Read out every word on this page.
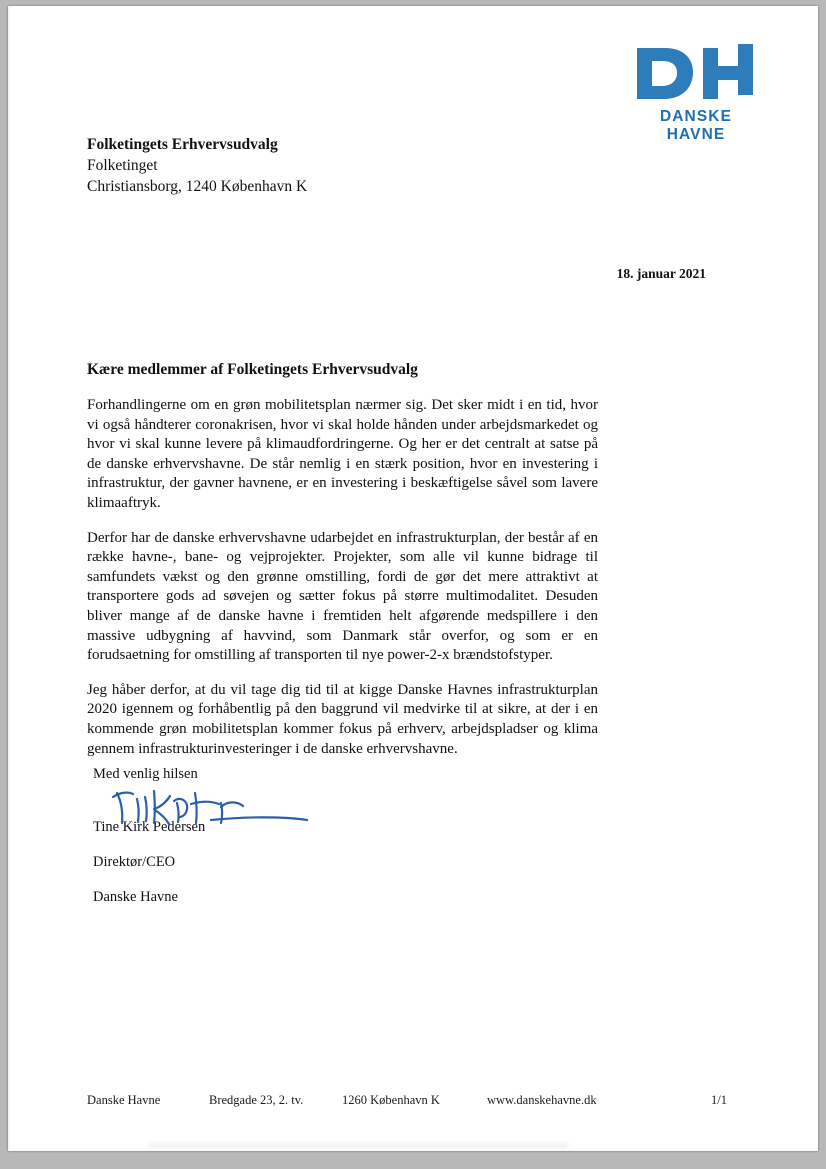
DANSKE HAVNE
Folketingets Erhvervsudvalg
Folketinget
Christiansborg, 1240 København K
18. januar 2021

Kære medlemmer af Folketingets Erhvervsudvalg

Forhandlingerne om en grøn mobilitetsplan nærmer sig. Det sker midt i en tid, hvor vi også håndterer coronakrisen, hvor vi skal holde hånden under arbejdsmarkedet og hvor vi skal kunne levere på klimaudfordringerne. Og her er det centralt at satse på de danske erhvervshavne. De står nemlig i en stærk position, hvor en investering i infrastruktur, der gavner havnene, er en investering i beskæftigelse såvel som lavere klimaaftryk.

Derfor har de danske erhvervshavne udarbejdet en infrastrukturplan, der består af en række havne-, bane- og vejprojekter. Projekter, som alle vil kunne bidrage til samfundets vækst og den grønne omstilling, fordi de gør det mere attraktivt at transportere gods ad søvejen og sætter fokus på større multimodalitet. Desuden bliver mange af de danske havne i fremtiden helt afgørende medspillere i den massive udbygning af havvind, som Danmark står overfor, og som er en forudsaetning for omstilling af transporten til nye power-2-x brændstofstyper.

Jeg håber derfor, at du vil tage dig tid til at kigge Danske Havnes infrastrukturplan 2020 igennem og forhåbentlig på den baggrund vil medvirke til at sikre, at der i en kommende grøn mobilitetsplan kommer fokus på erhverv, arbejdspladser og klima gennem infrastrukturinvesteringer i de danske erhvervshavne.

Med venlig hilsen
Tine Kirk Pedersen
Direktør/CEO
Danske Havne
Danske Havne	Bredgade 23, 2. tv.	1260 København K	www.danskehavne.dk	1/1
